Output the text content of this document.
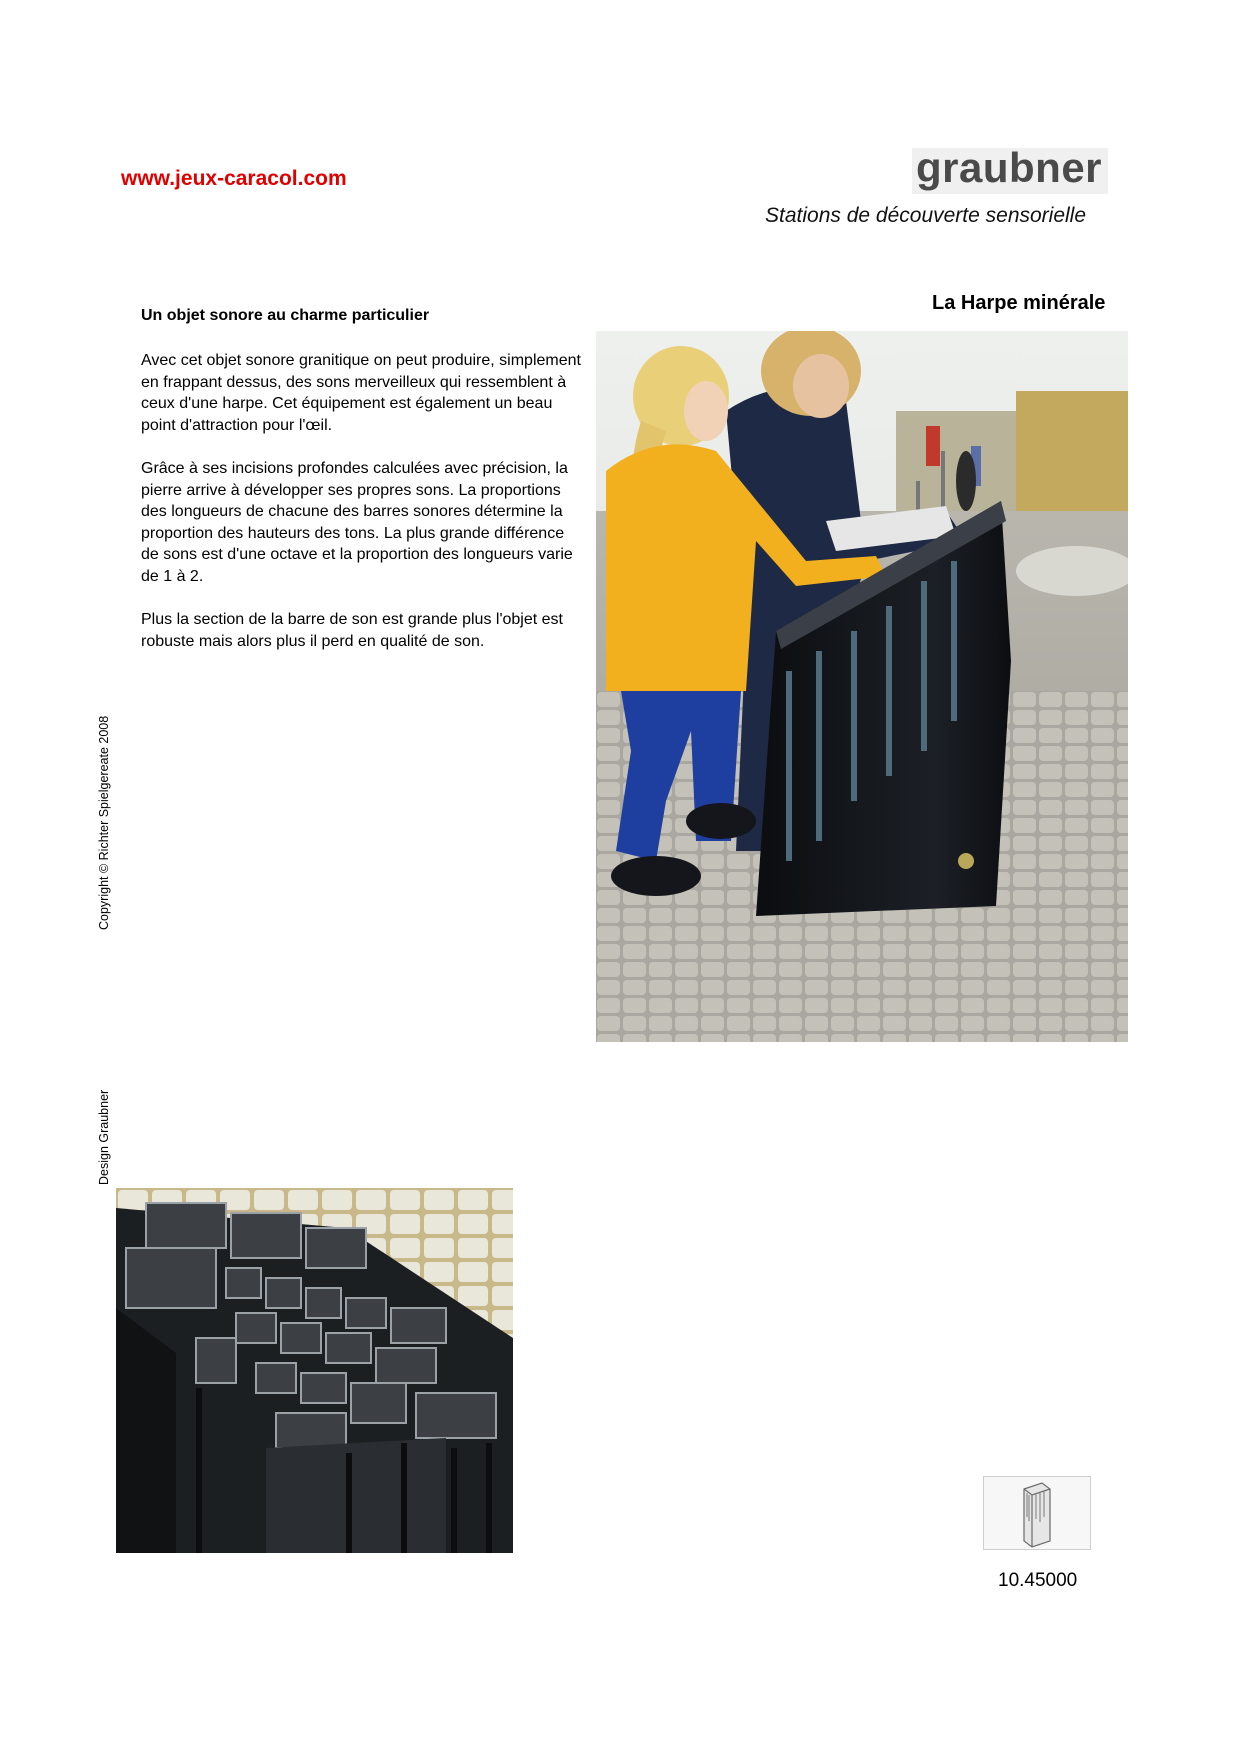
www.jeux-caracol.com	graubner
Stations de découverte sensorielle
La Harpe minérale
Un objet sonore au charme particulier
Avec cet objet sonore granitique on peut produire, simplement en frappant dessus, des sons merveilleux qui ressemblent à ceux d'une harpe. Cet équipement est également un beau point d'attraction pour l'œil.
Grâce à ses incisions profondes calculées avec précision, la pierre arrive à développer ses propres sons. La proportions des longueurs de chacune des barres sonores détermine la proportion des hauteurs des tons. La plus grande différence de sons est d'une octave et la proportion des longueurs varie de 1 à 2.
Plus la section de la barre de son est grande plus l'objet est robuste mais alors plus il perd en qualité de son.
Copyright © Richter Spielgereate 2008
Design Graubner
10.45000
